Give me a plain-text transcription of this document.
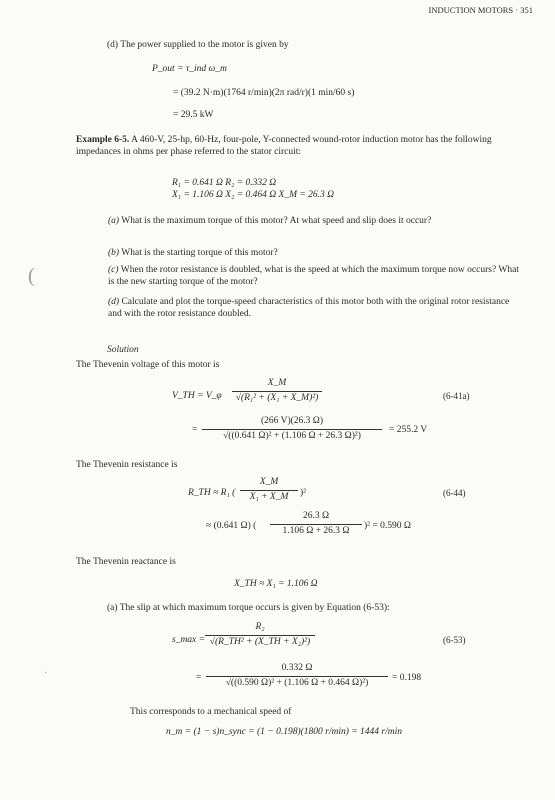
INDUCTION MOTORS · 351
(d) The power supplied to the motor is given by
P_out = τ_ind ω_m
= (39.2 N·m)(1764 r/min)(2π rad/r)(1 min/60 s)
= 29.5 kW
Example 6-5. A 460-V, 25-hp, 60-Hz, four-pole, Y-connected wound-rotor induction motor has the following impedances in ohms per phase referred to the stator circuit:
R₁ = 0.641 Ω R₂ = 0.332 Ω
X₁ = 1.106 Ω X₂ = 0.464 Ω X_M = 26.3 Ω
(a) What is the maximum torque of this motor? At what speed and slip does it occur?
(b) What is the starting torque of this motor?
(c) When the rotor resistance is doubled, what is the speed at which the maximum torque now occurs? What is the new starting torque of the motor?
(d) Calculate and plot the torque-speed characteristics of this motor both with the original rotor resistance and with the rotor resistance doubled.
(
·
Solution
The Thevenin voltage of this motor is
V_TH = V_φ $\frac{X\_M}{\text{√(R₁² + (X₁ + X\_M)²)}}$	(6-41a)
= $\frac{(266 V)(26.3 \Omega)}{\text{√((0.641 Ω)² + (1.106 Ω + 26.3 Ω)²)}} = 255.2$ V
The Thevenin resistance is
R_TH ≈ R₁ ( $\frac{X\_M}{\text{X₁ + X\_M}} )^2$	(6-44)
≈ (0.641 Ω) ( $\frac{26.3 \Omega}{1.106 \Omega + 26.3 \Omega} )^2 = 0.590$ Ω
The Thevenin reactance is
X_TH ≈ X₁ = 1.106 Ω
(a) The slip at which maximum torque occurs is given by Equation (6-53):
s_max = $\frac{\text{R₂}}{\text{√(R\_TH² + (X\_TH + X₂)²)}}$	(6-53)
= $\frac{0.332 \Omega}{\text{√((0.590 Ω)² + (1.106 Ω + 0.464 Ω)²)}} = 0.198$
This corresponds to a mechanical speed of
n_m = (1 − s)n_sync = (1 − 0.198)(1800 r/min) = 1444 r/min
